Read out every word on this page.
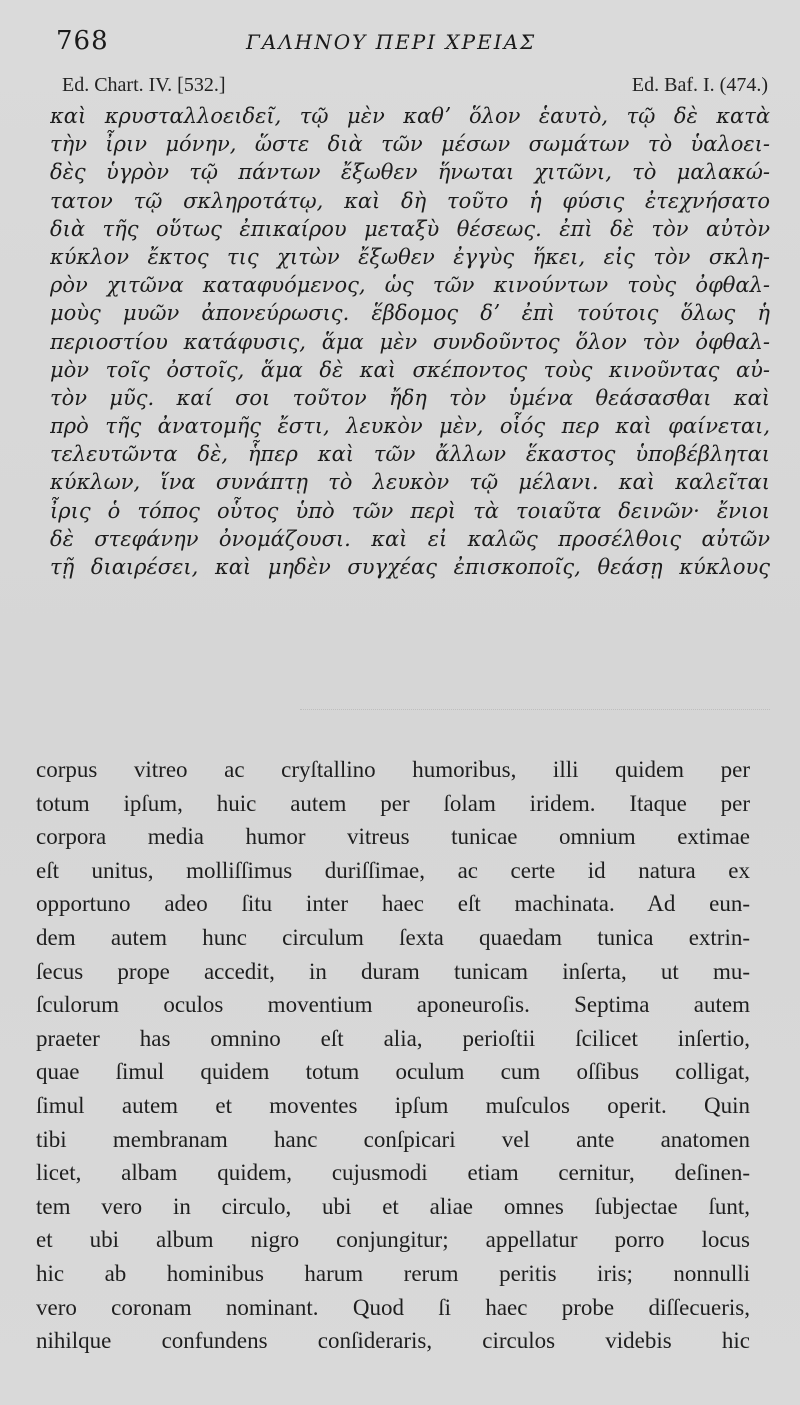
768	ΓΑΛΗΝΟΥ ΠΕΡΙ ΧΡΕΙΑΣ
Ed. Chart. IV. [532.]	Ed. Baf. I. (474.)
καὶ κρυσταλλοειδεῖ, τῷ μὲν καθʼ ὅλον ἑαυτὸ, τῷ δὲ κατὰ
τὴν ἶριν μόνην, ὥστε διὰ τῶν μέσων σωμάτων τὸ ὑαλοει-
δὲς ὑγρὸν τῷ πάντων ἔξωθεν ἥνωται χιτῶνι, τὸ μαλακώ-
τατον τῷ σκληροτάτῳ, καὶ δὴ τοῦτο ἡ φύσις ἐτεχνήσατο
διὰ τῆς οὕτως ἐπικαίρου μεταξὺ θέσεως. ἐπὶ δὲ τὸν αὐτὸν
κύκλον ἔκτος τις χιτὼν ἔξωθεν ἐγγὺς ἥκει, εἰς τὸν σκλη-
ρὸν χιτῶνα καταφυόμενος, ὡς τῶν κινούντων τοὺς ὀφθαλ-
μοὺς μυῶν ἀπονεύρωσις. ἕβδομος δʼ ἐπὶ τούτοις ὅλως ἡ
περιοστίου κατάφυσις, ἅμα μὲν συνδοῦντος ὅλον τὸν ὀφθαλ-
μὸν τοῖς ὀστοῖς, ἅμα δὲ καὶ σκέποντος τοὺς κινοῦντας αὐ-
τὸν μῦς. καί σοι τοῦτον ἤδη τὸν ὑμένα θεάσασθαι καὶ
πρὸ τῆς ἀνατομῆς ἔστι, λευκὸν μὲν, οἷός περ καὶ φαίνεται,
τελευτῶντα δὲ, ἧπερ καὶ τῶν ἄλλων ἕκαστος ὑποβέβληται
κύκλων, ἵνα συνάπτῃ τὸ λευκὸν τῷ μέλανι. καὶ καλεῖται
ἶρις ὁ τόπος οὗτος ὑπὸ τῶν περὶ τὰ τοιαῦτα δεινῶν· ἔνιοι
δὲ στεφάνην ὀνομάζουσι. καὶ εἰ καλῶς προσέλθοις αὐτῶν
τῇ διαιρέσει, καὶ μηδὲν συγχέας ἐπισκοποῖς, θεάσῃ κύκλους
corpus vitreo ac cryſtallino humoribus, illi quidem per
totum ipſum, huic autem per ſolam iridem. Itaque per
corpora media humor vitreus tunicae omnium extimae
eſt unitus, molliſſimus duriſſimae, ac certe id natura ex
opportuno adeo ſitu inter haec eſt machinata. Ad eun-
dem autem hunc circulum ſexta quaedam tunica extrin-
ſecus prope accedit, in duram tunicam inſerta, ut mu-
ſculorum oculos moventium aponeuroſis. Septima autem
praeter has omnino eſt alia, perioſtii ſcilicet inſertio,
quae ſimul quidem totum oculum cum oſſibus colligat,
ſimul autem et moventes ipſum muſculos operit. Quin
tibi membranam hanc conſpicari vel ante anatomen
licet, albam quidem, cujusmodi etiam cernitur, deſinen-
tem vero in circulo, ubi et aliae omnes ſubjectae ſunt,
et ubi album nigro conjungitur; appellatur porro locus
hic ab hominibus harum rerum peritis iris; nonnulli
vero coronam nominant. Quod ſi haec probe diſſecueris,
nihilque confundens conſideraris, circulos videbis hic
